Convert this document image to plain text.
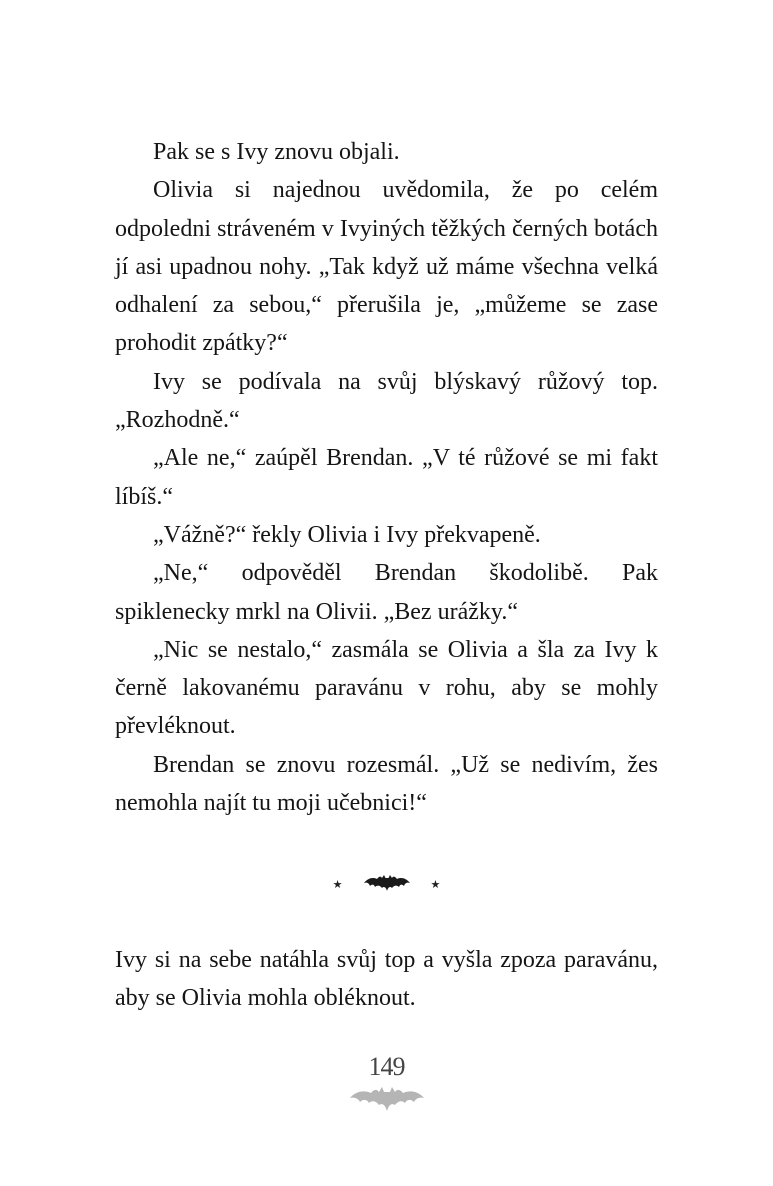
Pak se s Ivy znovu objali.

Olivia si najednou uvědomila, že po celém odpoledni stráveném v Ivyiných těžkých černých botách jí asi upadnou nohy. „Tak když už máme všechna velká odhalení za sebou,“ přerušila je, „můžeme se zase prohodit zpátky?“

Ivy se podívala na svůj blýskavý růžový top. „Rozhodně.“

„Ale ne,“ zaúpěl Brendan. „V té růžové se mi fakt líbíš.“

„Vážně?“ řekly Olivia i Ivy překvapeně.

„Ne,“ odpověděl Brendan škodolibě. Pak spiklenecky mrkl na Olivii. „Bez urážky.“

„Nic se nestalo,“ zasmála se Olivia a šla za Ivy k černě lakovanému paravánu v rohu, aby se mohly převléknout.

Brendan se znovu rozesmál. „Už se nedivím, žes nemohla najít tu moji učebnici!“

★	★

Ivy si na sebe natáhla svůj top a vyšla zpoza paravánu, aby se Olivia mohla obléknout.

149
